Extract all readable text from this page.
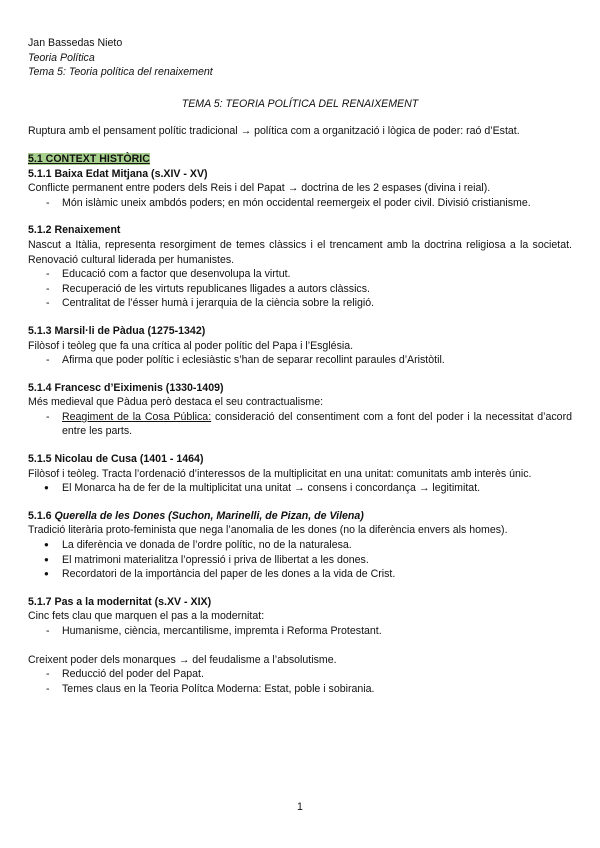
Jan Bassedas Nieto

Teoria Política

Tema 5: Teoria política del renaixement

TEMA 5: TEORIA POLÍTICA DEL RENAIXEMENT

Ruptura amb el pensament polític tradicional → política com a organització i lògica de poder: raó d’Estat.

5.1 CONTEXT HISTÒRIC

5.1.1 Baixa Edat Mitjana (s.XIV - XV)

Conflicte permanent entre poders dels Reis i del Papat → doctrina de les 2 espases (divina i reial).

- Món islàmic uneix ambdós poders; en món occidental reemergeix el poder civil. Divisió cristianisme.
5.1.2 Renaixement

Nascut a Itàlia, representa resorgiment de temes clàssics i el trencament amb la doctrina religiosa a la societat. Renovació cultural liderada per humanistes.

- Educació com a factor que desenvolupa la virtut.
- Recuperació de les virtuts republicanes lligades a autors clàssics.
- Centralitat de l’ésser humà i jerarquia de la ciència sobre la religió.
5.1.3 Marsil·li de Pàdua (1275-1342)

Filòsof i teòleg que fa una crítica al poder polític del Papa i l’Església.

- Afirma que poder polític i eclesiàstic s’han de separar recollint paraules d’Aristòtil.
5.1.4 Francesc d’Eiximenis (1330-1409)

Més medieval que Pàdua però destaca el seu contractualisme:

- Reagiment de la Cosa Pública: consideració del consentiment com a font del poder i la necessitat d’acord entre les parts.
5.1.5 Nicolau de Cusa (1401 - 1464)

Filòsof i teòleg. Tracta l’ordenació d’interessos de la multiplicitat en una unitat: comunitats amb interès únic.

● El Monarca ha de fer de la multiplicitat una unitat → consens i concordança → legitimitat.
5.1.6 Querella de les Dones (Suchon, Marinelli, de Pizan, de Vilena)

Tradició literària proto-feminista que nega l’anomalia de les dones (no la diferència envers als homes).

● La diferència ve donada de l’ordre polític, no de la naturalesa.
● El matrimoni materialitza l’opressió i priva de llibertat a les dones.
● Recordatori de la importància del paper de les dones a la vida de Crist.
5.1.7 Pas a la modernitat (s.XV - XIX)

Cinc fets clau que marquen el pas a la modernitat:

- Humanisme, ciència, mercantilisme, impremta i Reforma Protestant.

Creixent poder dels monarques → del feudalisme a l’absolutisme.

- Reducció del poder del Papat.
- Temes claus en la Teoria Polítca Moderna: Estat, poble i sobirania.
1
